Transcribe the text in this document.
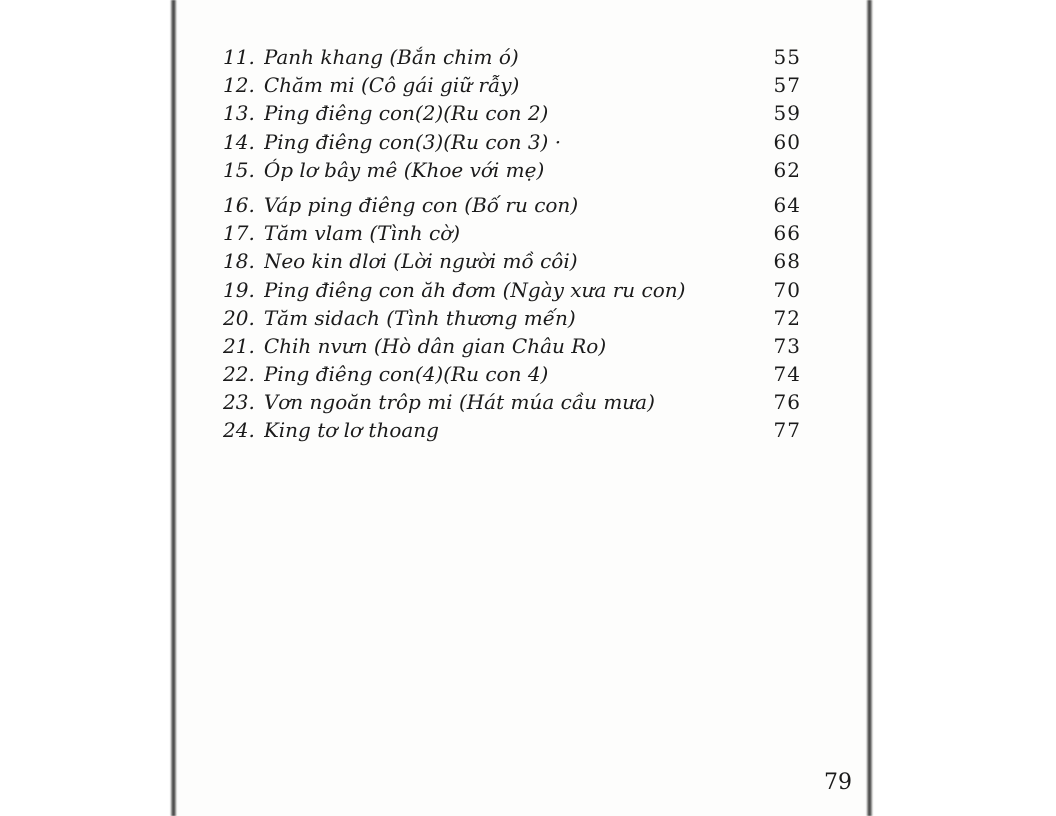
11. Panh khang (Bắn chim ó)	55
12. Chăm mi (Cô gái giữ rẫy)	57
13. Ping điêng con(2)(Ru con 2)	59
14. Ping điêng con(3)(Ru con 3) ·	60
15. Óp lơ bây mê (Khoe với mẹ)	62
16. Váp ping điêng con (Bố ru con)	64
17. Tăm vlam (Tình cờ)	66
18. Neo kin dlơi (Lời người mồ côi)	68
19. Ping điêng con ăh đơm (Ngày xưa ru con)	70
20. Tăm sidach (Tình thương mến)	72
21. Chih nvưn (Hò dân gian Châu Ro)	73
22. Ping điêng con(4)(Ru con 4)	74
23. Vơn ngoăn trôp mi (Hát múa cầu mưa)	76
24. King tơ lơ thoang	77
79
